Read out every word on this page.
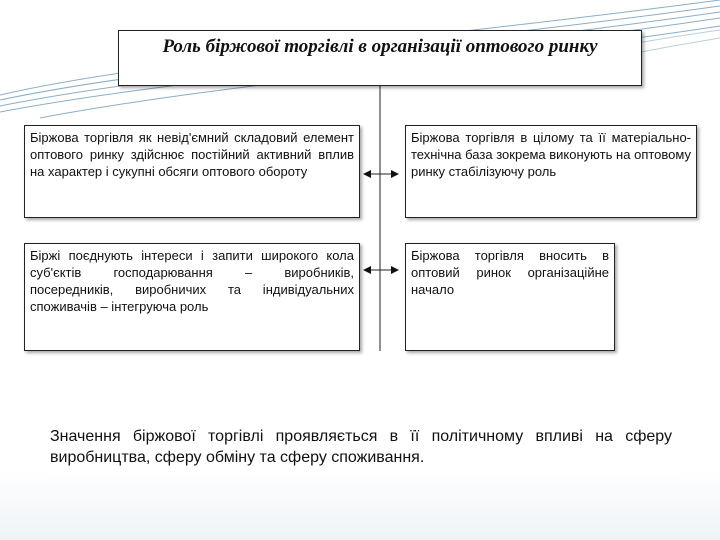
Роль біржової торгівлі в організації оптового ринку
Біржова торгівля як невід'ємний складовий елемент оптового ринку здійснює постійний активний вплив на характер і сукупні обсяги оптового обороту
Біржова торгівля в цілому та її матеріально-технічна база зокрема виконують на оптовому ринку стабілізуючу роль
Біржі поєднують інтереси і запити широкого кола суб'єктів господарювання – виробників, посередників, виробничих та індивідуальних споживачів – інтегруюча роль
Біржова торгівля вносить в оптовий ринок організаційне начало
Значення біржової торгівлі проявляється в її політичному впливі на сферу виробництва, сферу обміну та сферу споживання.
